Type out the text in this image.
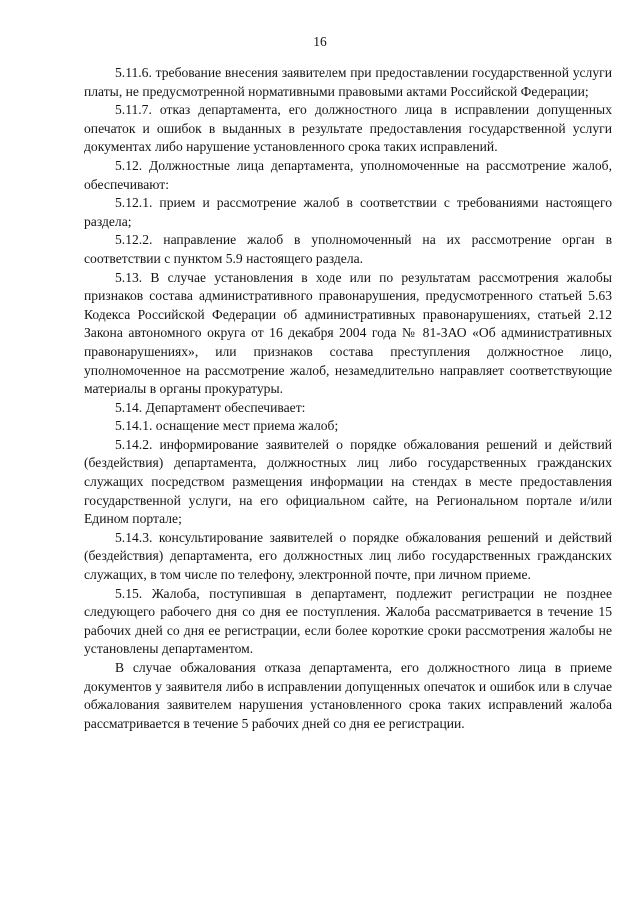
16

5.11.6. требование внесения заявителем при предоставлении государственной услуги платы, не предусмотренной нормативными правовыми актами Российской Федерации;

5.11.7. отказ департамента, его должностного лица в исправлении допущенных опечаток и ошибок в выданных в результате предоставления государственной услуги документах либо нарушение установленного срока таких исправлений.

5.12. Должностные лица департамента, уполномоченные на рассмотрение жалоб, обеспечивают:

5.12.1. прием и рассмотрение жалоб в соответствии с требованиями настоящего раздела;

5.12.2. направление жалоб в уполномоченный на их рассмотрение орган в соответствии с пунктом 5.9 настоящего раздела.

5.13. В случае установления в ходе или по результатам рассмотрения жалобы признаков состава административного правонарушения, предусмотренного статьей 5.63 Кодекса Российской Федерации об административных правонарушениях, статьей 2.12 Закона автономного округа от 16 декабря 2004 года № 81-ЗАО «Об административных правонарушениях», или признаков состава преступления должностное лицо, уполномоченное на рассмотрение жалоб, незамедлительно направляет соответствующие материалы в органы прокуратуры.

5.14. Департамент обеспечивает:

5.14.1. оснащение мест приема жалоб;

5.14.2. информирование заявителей о порядке обжалования решений и действий (бездействия) департамента, должностных лиц либо государственных гражданских служащих посредством размещения информации на стендах в месте предоставления государственной услуги, на его официальном сайте, на Региональном портале и/или Едином портале;

5.14.3. консультирование заявителей о порядке обжалования решений и действий (бездействия) департамента, его должностных лиц либо государственных гражданских служащих, в том числе по телефону, электронной почте, при личном приеме.

5.15. Жалоба, поступившая в департамент, подлежит регистрации не позднее следующего рабочего дня со дня ее поступления. Жалоба рассматривается в течение 15 рабочих дней со дня ее регистрации, если более короткие сроки рассмотрения жалобы не установлены департаментом.

В случае обжалования отказа департамента, его должностного лица в приеме документов у заявителя либо в исправлении допущенных опечаток и ошибок или в случае обжалования заявителем нарушения установленного срока таких исправлений жалоба рассматривается в течение 5 рабочих дней со дня ее регистрации.
